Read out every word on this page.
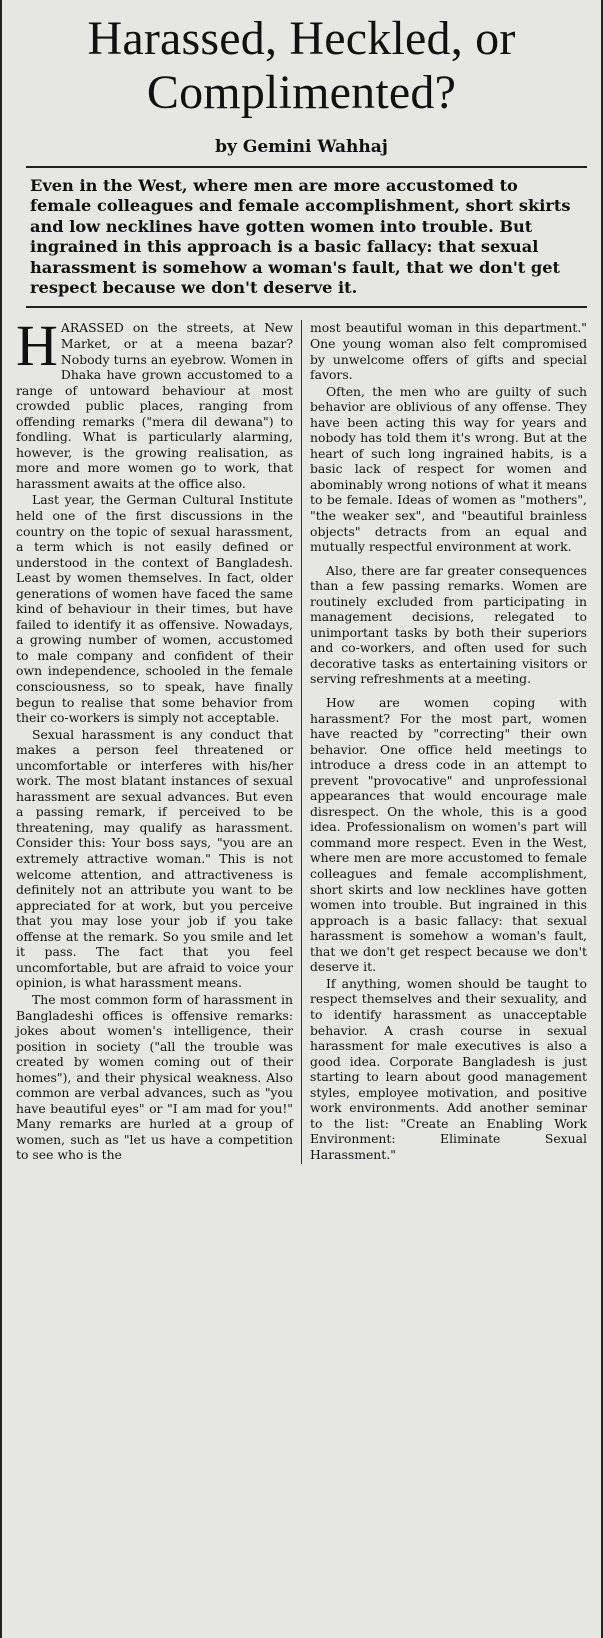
Harassed, Heckled, or
Complimented?
by Gemini Wahhaj

Even in the West, where men are more accustomed to female colleagues and female accomplishment, short skirts and low necklines have gotten women into trouble. But ingrained in this approach is a basic fallacy: that sexual harassment is somehow a woman's fault, that we don't get respect because we don't deserve it.

HARASSED on the streets, at New Market, or at a meena bazar? Nobody turns an eyebrow. Women in Dhaka have grown accustomed to a range of untoward behaviour at most crowded public places, ranging from offending remarks ("mera dil dewana") to fondling. What is particularly alarming, however, is the growing realisation, as more and more women go to work, that harassment awaits at the office also.

Last year, the German Cultural Institute held one of the first discussions in the country on the topic of sexual harassment, a term which is not easily defined or understood in the context of Bangladesh. Least by women themselves. In fact, older generations of women have faced the same kind of behaviour in their times, but have failed to identify it as offensive. Nowadays, a growing number of women, accustomed to male company and confident of their own independence, schooled in the female consciousness, so to speak, have finally begun to realise that some behavior from their co-workers is simply not acceptable.

Sexual harassment is any conduct that makes a person feel threatened or uncomfortable or interferes with his/her work. The most blatant instances of sexual harassment are sexual advances. But even a passing remark, if perceived to be threatening, may qualify as harassment. Consider this: Your boss says, "you are an extremely attractive woman." This is not welcome attention, and attractiveness is definitely not an attribute you want to be appreciated for at work, but you perceive that you may lose your job if you take offense at the remark. So you smile and let it pass. The fact that you feel uncomfortable, but are afraid to voice your opinion, is what harassment means.

The most common form of harassment in Bangladeshi offices is offensive remarks: jokes about women's intelligence, their position in society ("all the trouble was created by women coming out of their homes"), and their physical weakness. Also common are verbal advances, such as "you have beautiful eyes" or "I am mad for you!" Many remarks are hurled at a group of women, such as "let us have a competition to see who is the

most beautiful woman in this department." One young woman also felt compromised by unwelcome offers of gifts and special favors.

Often, the men who are guilty of such behavior are oblivious of any offense. They have been acting this way for years and nobody has told them it's wrong. But at the heart of such long ingrained habits, is a basic lack of respect for women and abominably wrong notions of what it means to be female. Ideas of women as "mothers", "the weaker sex", and "beautiful brainless objects" detracts from an equal and mutually respectful environment at work.

Also, there are far greater consequences than a few passing remarks. Women are routinely excluded from participating in management decisions, relegated to unimportant tasks by both their superiors and co-workers, and often used for such decorative tasks as entertaining visitors or serving refreshments at a meeting.

How are women coping with harassment? For the most part, women have reacted by "correcting" their own behavior. One office held meetings to introduce a dress code in an attempt to prevent "provocative" and unprofessional appearances that would encourage male disrespect. On the whole, this is a good idea. Professionalism on women's part will command more respect. Even in the West, where men are more accustomed to female colleagues and female accomplishment, short skirts and low necklines have gotten women into trouble. But ingrained in this approach is a basic fallacy: that sexual harassment is somehow a woman's fault, that we don't get respect because we don't deserve it.

If anything, women should be taught to respect themselves and their sexuality, and to identify harassment as unacceptable behavior. A crash course in sexual harassment for male executives is also a good idea. Corporate Bangladesh is just starting to learn about good management styles, employee motivation, and positive work environments. Add another seminar to the list: "Create an Enabling Work Environment: Eliminate Sexual Harassment."
